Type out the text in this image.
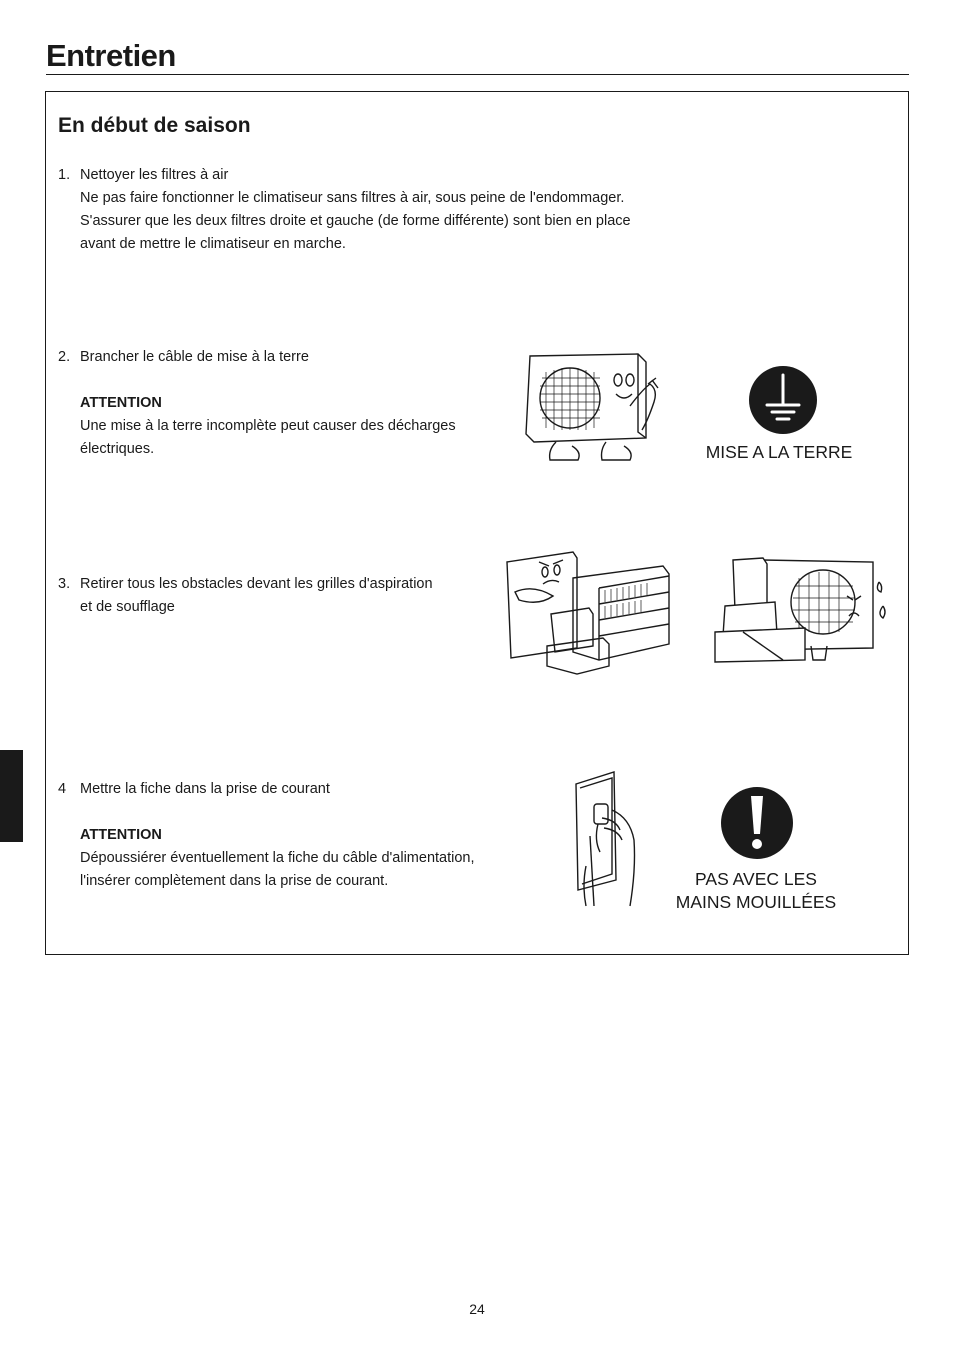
Entretien
En début de saison
1. Nettoyer les filtres à air
Ne pas faire fonctionner le climatiseur sans filtres à air, sous peine de l'endommager.
S'assurer que les deux filtres droite et gauche (de forme différente) sont bien en place
avant de mettre le climatiseur en marche.
2. Brancher le câble de mise à la terre
ATTENTION
Une mise à la terre incomplète peut causer des décharges
électriques.
3. Retirer tous les obstacles devant les grilles d'aspiration
et de soufflage
4 Mettre la fiche dans la prise de courant
ATTENTION
Dépoussiérer éventuellement la fiche du câble d'alimentation,
l'insérer complètement dans la prise de courant.
MISE A LA TERRE
PAS AVEC LES
MAINS MOUILLÉES
24
